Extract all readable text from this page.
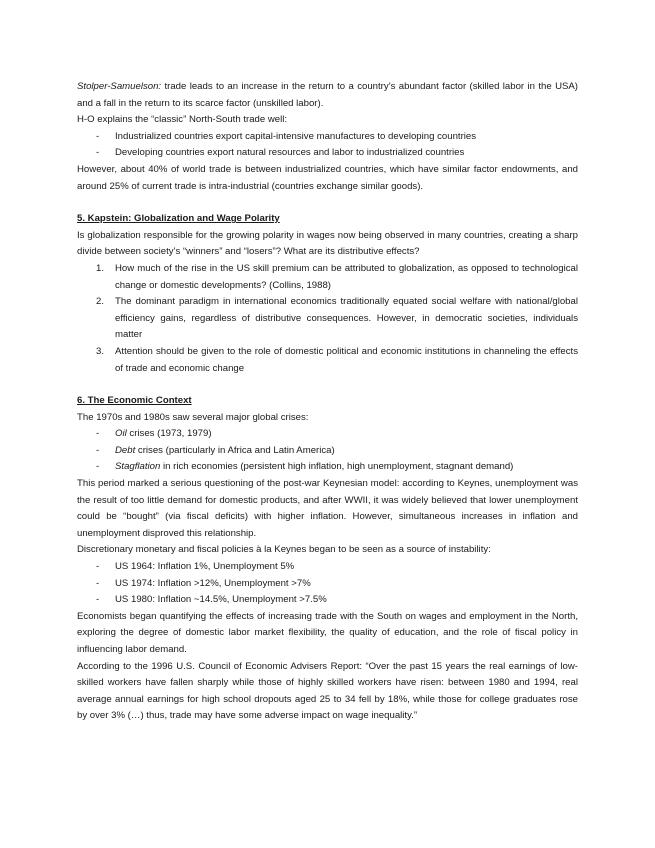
Stolper-Samuelson: trade leads to an increase in the return to a country’s abundant factor (skilled labor in the USA) and a fall in the return to its scarce factor (unskilled labor).

H-O explains the “classic” North-South trade well:

- Industrialized countries export capital-intensive manufactures to developing countries
- Developing countries export natural resources and labor to industrialized countries

However, about 40% of world trade is between industrialized countries, which have similar factor endowments, and around 25% of current trade is intra-industrial (countries exchange similar goods).

5. Kapstein: Globalization and Wage Polarity

Is globalization responsible for the growing polarity in wages now being observed in many countries, creating a sharp divide between society’s “winners” and “losers”? What are its distributive effects?

1. How much of the rise in the US skill premium can be attributed to globalization, as opposed to technological change or domestic developments? (Collins, 1988)
2. The dominant paradigm in international economics traditionally equated social welfare with national/global efficiency gains, regardless of distributive consequences. However, in democratic societies, individuals matter
3. Attention should be given to the role of domestic political and economic institutions in channeling the effects of trade and economic change

6. The Economic Context

The 1970s and 1980s saw several major global crises:

- Oil crises (1973, 1979)
- Debt crises (particularly in Africa and Latin America)
- Stagflation in rich economies (persistent high inflation, high unemployment, stagnant demand)

This period marked a serious questioning of the post-war Keynesian model: according to Keynes, unemployment was the result of too little demand for domestic products, and after WWII, it was widely believed that lower unemployment could be “bought” (via fiscal deficits) with higher inflation. However, simultaneous increases in inflation and unemployment disproved this relationship.

Discretionary monetary and fiscal policies à la Keynes began to be seen as a source of instability:

- US 1964: Inflation 1%, Unemployment 5%
- US 1974: Inflation >12%, Unemployment >7%
- US 1980: Inflation ~14.5%, Unemployment >7.5%

Economists began quantifying the effects of increasing trade with the South on wages and employment in the North, exploring the degree of domestic labor market flexibility, the quality of education, and the role of fiscal policy in influencing labor demand.

According to the 1996 U.S. Council of Economic Advisers Report: “Over the past 15 years the real earnings of low-skilled workers have fallen sharply while those of highly skilled workers have risen: between 1980 and 1994, real average annual earnings for high school dropouts aged 25 to 34 fell by 18%, while those for college graduates rose by over 3% (…) thus, trade may have some adverse impact on wage inequality.”
